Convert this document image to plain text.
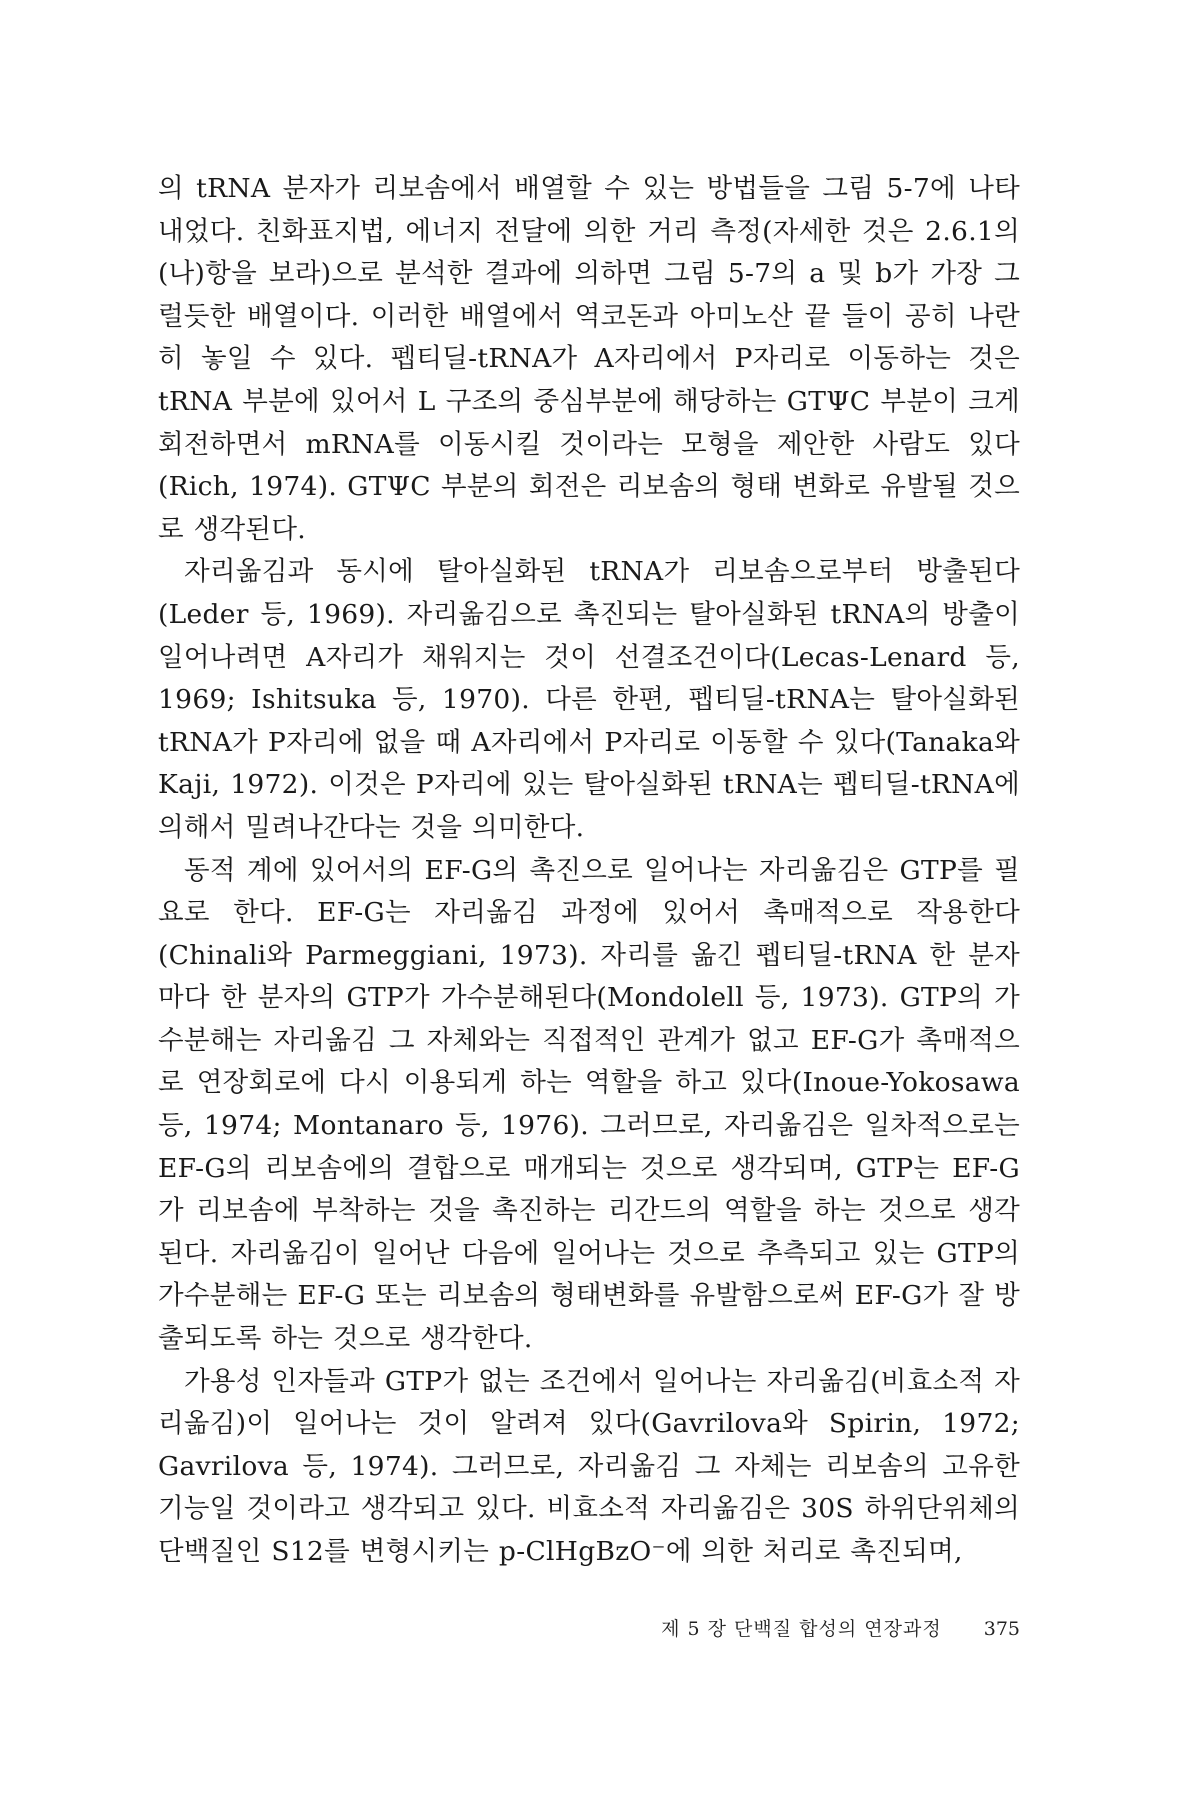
의 tRNA 분자가 리보솜에서 배열할 수 있는 방법들을 그림 5-7에 나타내었다. 친화표지법, 에너지 전달에 의한 거리 측정(자세한 것은 2.6.1의 (나)항을 보라)으로 분석한 결과에 의하면 그림 5-7의 a 및 b가 가장 그럴듯한 배열이다. 이러한 배열에서 역코돈과 아미노산 끝 들이 공히 나란히 놓일 수 있다. 펩티딜-tRNA가 A자리에서 P자리로 이동하는 것은 tRNA 부분에 있어서 L 구조의 중심부분에 해당하는 GTΨC 부분이 크게 회전하면서 mRNA를 이동시킬 것이라는 모형을 제안한 사람도 있다(Rich, 1974). GTΨC 부분의 회전은 리보솜의 형태 변화로 유발될 것으로 생각된다.

자리옮김과 동시에 탈아실화된 tRNA가 리보솜으로부터 방출된다(Leder 등, 1969). 자리옮김으로 촉진되는 탈아실화된 tRNA의 방출이 일어나려면 A자리가 채워지는 것이 선결조건이다(Lecas-Lenard 등, 1969; Ishitsuka 등, 1970). 다른 한편, 펩티딜-tRNA는 탈아실화된 tRNA가 P자리에 없을 때 A자리에서 P자리로 이동할 수 있다(Tanaka와 Kaji, 1972). 이것은 P자리에 있는 탈아실화된 tRNA는 펩티딜-tRNA에 의해서 밀려나간다는 것을 의미한다.

동적 계에 있어서의 EF-G의 촉진으로 일어나는 자리옮김은 GTP를 필요로 한다. EF-G는 자리옮김 과정에 있어서 촉매적으로 작용한다(Chinali와 Parmeggiani, 1973). 자리를 옮긴 펩티딜-tRNA 한 분자 마다 한 분자의 GTP가 가수분해된다(Mondolell 등, 1973). GTP의 가수분해는 자리옮김 그 자체와는 직접적인 관계가 없고 EF-G가 촉매적으로 연장회로에 다시 이용되게 하는 역할을 하고 있다(Inoue-Yokosawa 등, 1974; Montanaro 등, 1976). 그러므로, 자리옮김은 일차적으로는 EF-G의 리보솜에의 결합으로 매개되는 것으로 생각되며, GTP는 EF-G가 리보솜에 부착하는 것을 촉진하는 리간드의 역할을 하는 것으로 생각된다. 자리옮김이 일어난 다음에 일어나는 것으로 추측되고 있는 GTP의 가수분해는 EF-G 또는 리보솜의 형태변화를 유발함으로써 EF-G가 잘 방출되도록 하는 것으로 생각한다.

가용성 인자들과 GTP가 없는 조건에서 일어나는 자리옮김(비효소적 자리옮김)이 일어나는 것이 알려져 있다(Gavrilova와 Spirin, 1972; Gavrilova 등, 1974). 그러므로, 자리옮김 그 자체는 리보솜의 고유한 기능일 것이라고 생각되고 있다. 비효소적 자리옮김은 30S 하위단위체의 단백질인 S12를 변형시키는 p-ClHgBzO⁻에 의한 처리로 촉진되며,

제 5 장 단백질 합성의 연장과정 375
